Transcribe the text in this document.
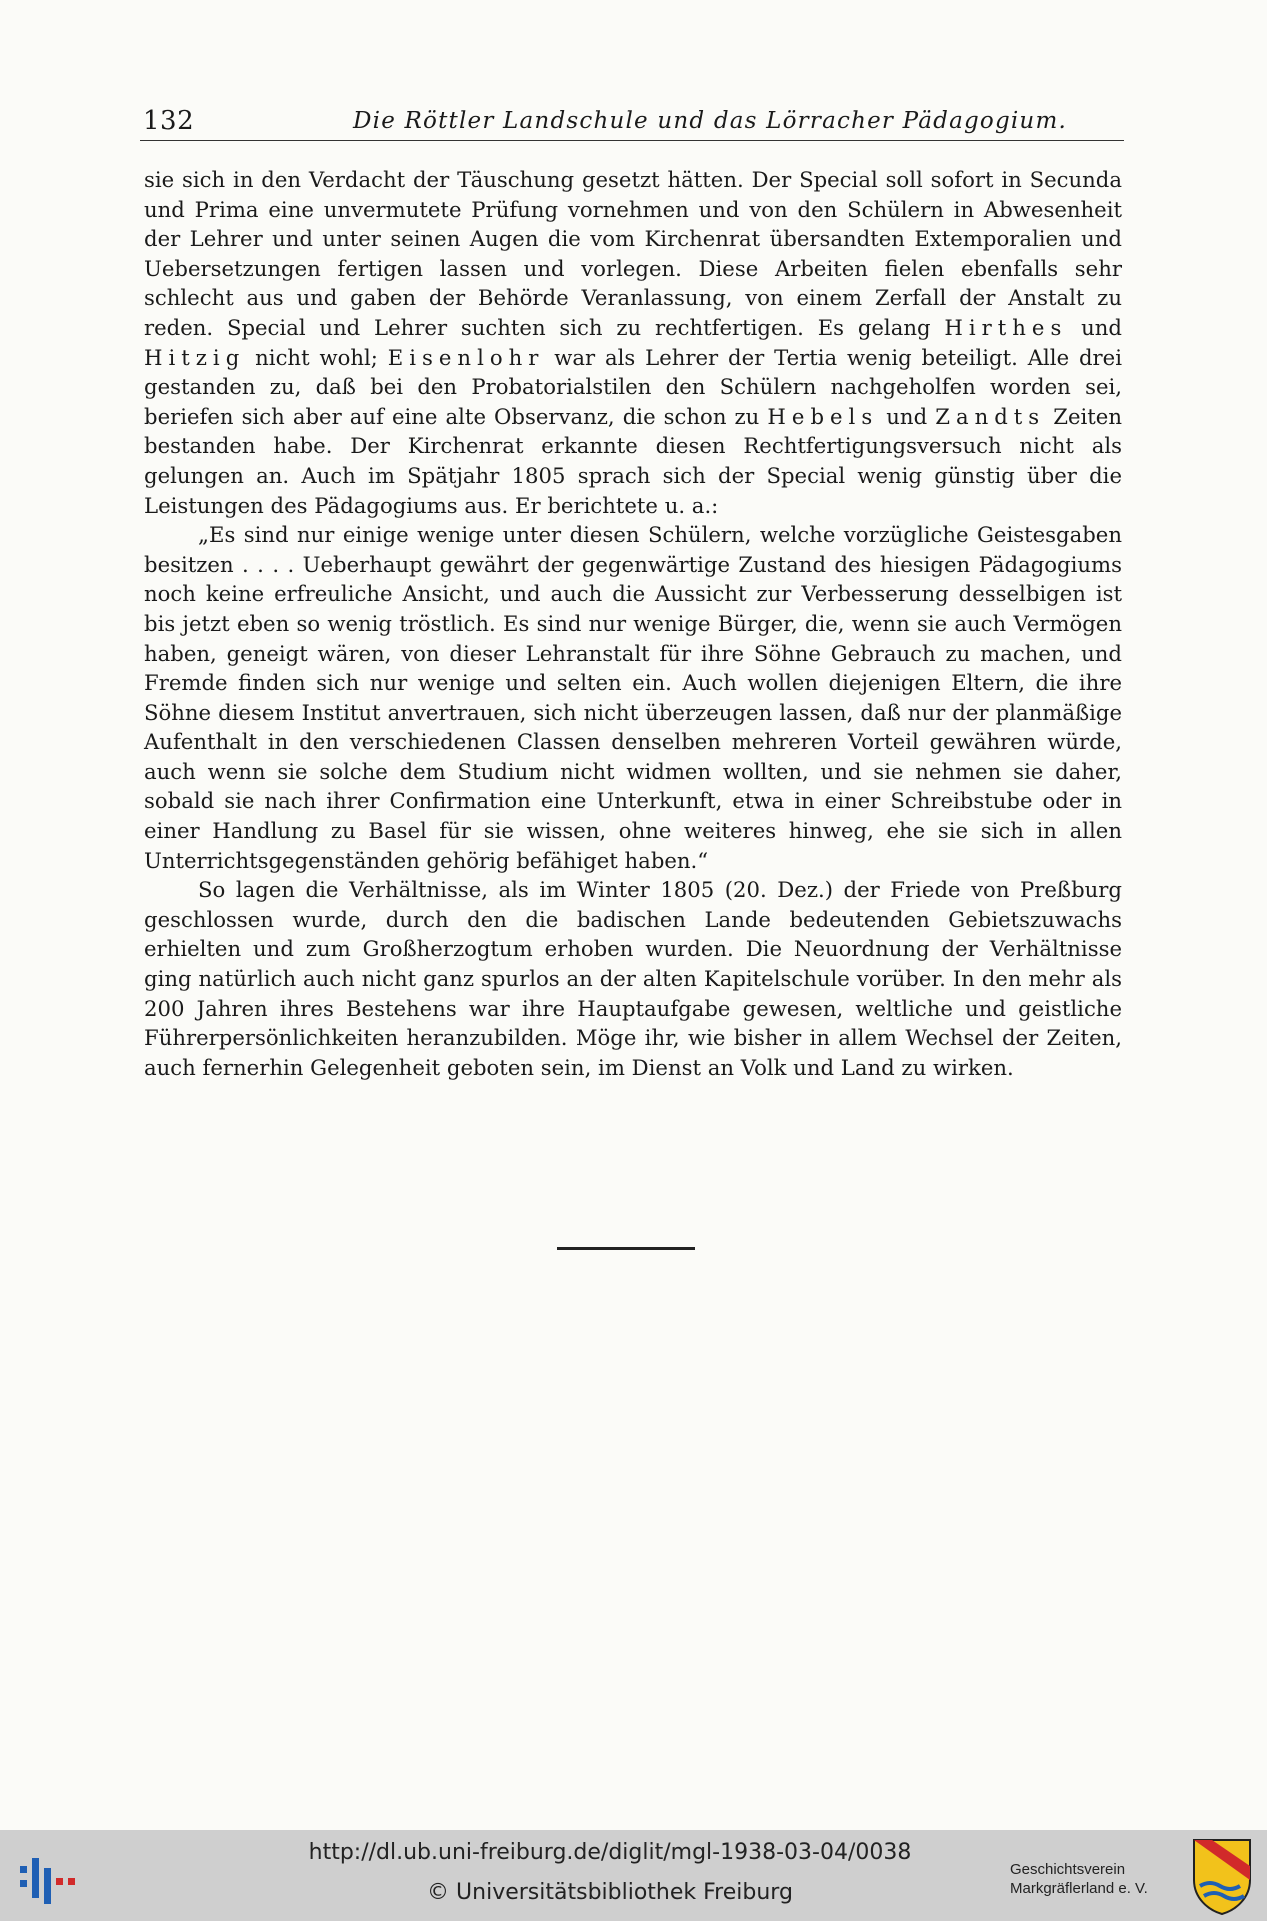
132	Die Röttler Landschule und das Lörracher Pädagogium.

sie sich in den Verdacht der Täuschung gesetzt hätten. Der Special soll sofort in Secunda und Prima eine unvermutete Prüfung vornehmen und von den Schülern in Abwesenheit der Lehrer und unter seinen Augen die vom Kirchenrat übersandten Extemporalien und Uebersetzungen fertigen lassen und vorlegen. Diese Arbeiten fielen ebenfalls sehr schlecht aus und gaben der Behörde Veranlassung, von einem Zerfall der Anstalt zu reden. Special und Lehrer suchten sich zu rechtfertigen. Es gelang Hirthes und Hitzig nicht wohl; Eisenlohr war als Lehrer der Tertia wenig beteiligt. Alle drei gestanden zu, daß bei den Probatorialstilen den Schülern nachgeholfen worden sei, beriefen sich aber auf eine alte Observanz, die schon zu Hebels und Zandts Zeiten bestanden habe. Der Kirchenrat erkannte diesen Rechtfertigungsversuch nicht als gelungen an. Auch im Spätjahr 1805 sprach sich der Special wenig günstig über die Leistungen des Pädagogiums aus. Er berichtete u. a.:

„Es sind nur einige wenige unter diesen Schülern, welche vorzügliche Geistesgaben besitzen . . . . Ueberhaupt gewährt der gegenwärtige Zustand des hiesigen Pädagogiums noch keine erfreuliche Ansicht, und auch die Aussicht zur Verbesserung desselbigen ist bis jetzt eben so wenig tröstlich. Es sind nur wenige Bürger, die, wenn sie auch Vermögen haben, geneigt wären, von dieser Lehranstalt für ihre Söhne Gebrauch zu machen, und Fremde finden sich nur wenige und selten ein. Auch wollen diejenigen Eltern, die ihre Söhne diesem Institut anvertrauen, sich nicht überzeugen lassen, daß nur der planmäßige Aufenthalt in den verschiedenen Classen denselben mehreren Vorteil gewähren würde, auch wenn sie solche dem Studium nicht widmen wollten, und sie nehmen sie daher, sobald sie nach ihrer Confirmation eine Unterkunft, etwa in einer Schreibstube oder in einer Handlung zu Basel für sie wissen, ohne weiteres hinweg, ehe sie sich in allen Unterrichtsgegenständen gehörig befähiget haben.“

So lagen die Verhältnisse, als im Winter 1805 (20. Dez.) der Friede von Preßburg geschlossen wurde, durch den die badischen Lande bedeutenden Gebietszuwachs erhielten und zum Großherzogtum erhoben wurden. Die Neuordnung der Verhältnisse ging natürlich auch nicht ganz spurlos an der alten Kapitelschule vorüber. In den mehr als 200 Jahren ihres Bestehens war ihre Hauptaufgabe gewesen, weltliche und geistliche Führerpersönlichkeiten heranzubilden. Möge ihr, wie bisher in allem Wechsel der Zeiten, auch fernerhin Gelegenheit geboten sein, im Dienst an Volk und Land zu wirken.

http://dl.ub.uni-freiburg.de/diglit/mgl-1938-03-04/0038
© Universitätsbibliothek Freiburg
Geschichtsverein
Markgräflerland e. V.
